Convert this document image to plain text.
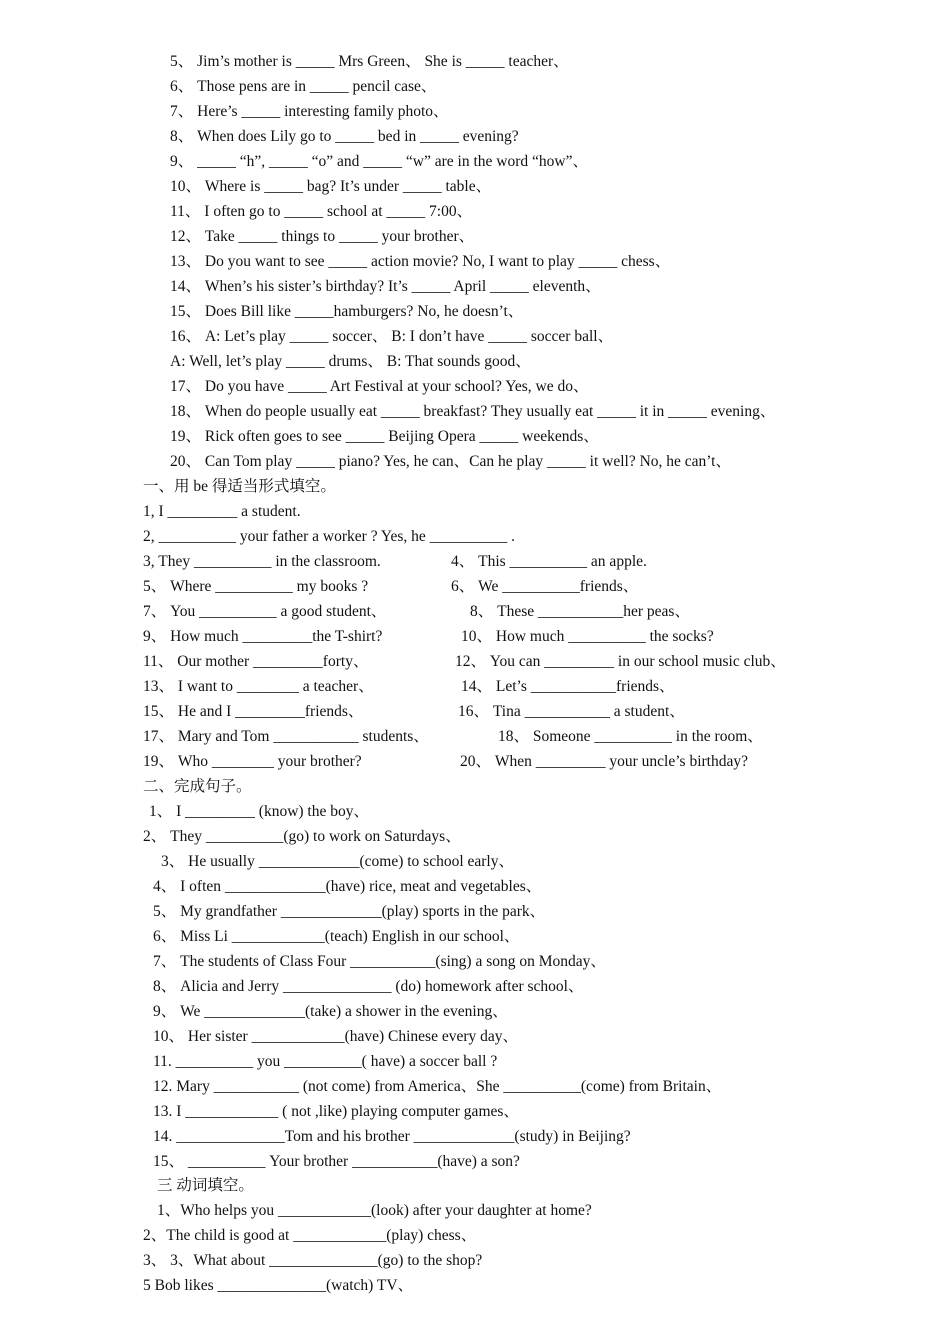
5、 Jim’s mother is _____ Mrs Green、 She is _____ teacher、
6、 Those pens are in _____ pencil case、
7、 Here’s _____ interesting family photo、
8、 When does Lily go to _____ bed in _____ evening?
9、 _____ “h”, _____ “o” and _____ “w” are in the word “how”、
10、 Where is _____ bag? It’s under _____ table、
11、 I often go to _____ school at _____ 7:00、
12、 Take _____ things to _____ your brother、
13、 Do you want to see _____ action movie? No, I want to play _____ chess、
14、 When’s his sister’s birthday? It’s _____ April _____ eleventh、
15、 Does Bill like _____hamburgers? No, he doesn’t、
16、 A: Let’s play _____ soccer、 B: I don’t have _____ soccer ball、
A: Well, let’s play _____ drums、 B: That sounds good、
17、 Do you have _____ Art Festival at your school? Yes, we do、
18、 When do people usually eat _____ breakfast? They usually eat _____ it in _____ evening、
19、 Rick often goes to see _____ Beijing Opera _____ weekends、
20、 Can Tom play _____ piano? Yes, he can、Can he play _____ it well? No, he can’t、
一、用 be 得适当形式填空。
1, I _________ a student.
2, __________ your father a worker ? Yes, he __________ .
3, They __________ in the classroom.	4、 This __________ an apple.
5、 Where __________ my books ?	6、 We __________friends、
7、 You __________ a good student、	8、 These ___________her peas、
9、 How much _________the T-shirt?	10、 How much __________ the socks?
11、 Our mother _________forty、	12、 You can _________ in our school music club、
13、 I want to ________ a teacher、	14、 Let’s ___________friends、
15、 He and I _________friends、	16、 Tina ___________ a student、
17、 Mary and Tom ___________ students、	18、 Someone __________ in the room、
19、 Who ________ your brother?	20、 When _________ your uncle’s birthday?
二、完成句子。
1、 I _________ (know) the boy、
2、 They __________(go) to work on Saturdays、
3、 He usually _____________(come) to school early、
4、 I often _____________(have) rice, meat and vegetables、
5、 My grandfather _____________(play) sports in the park、
6、 Miss Li ____________(teach) English in our school、
7、 The students of Class Four ___________(sing) a song on Monday、
8、 Alicia and Jerry ______________ (do) homework after school、
9、 We _____________(take) a shower in the evening、
10、 Her sister ____________(have) Chinese every day、
11. __________ you __________( have) a soccer ball ?
12. Mary ___________ (not come) from America、She __________(come) from Britain、
13. I ____________ ( not ,like) playing computer games、
14. ______________Tom and his brother _____________(study) in Beijing?
15、 __________ Your brother ___________(have) a son?
三 动词填空。
1、Who helps you ____________(look) after your daughter at home?
2、The child is good at ____________(play) chess、
3、 3、What about ______________(go) to the shop?
5 Bob likes ______________(watch) TV、
